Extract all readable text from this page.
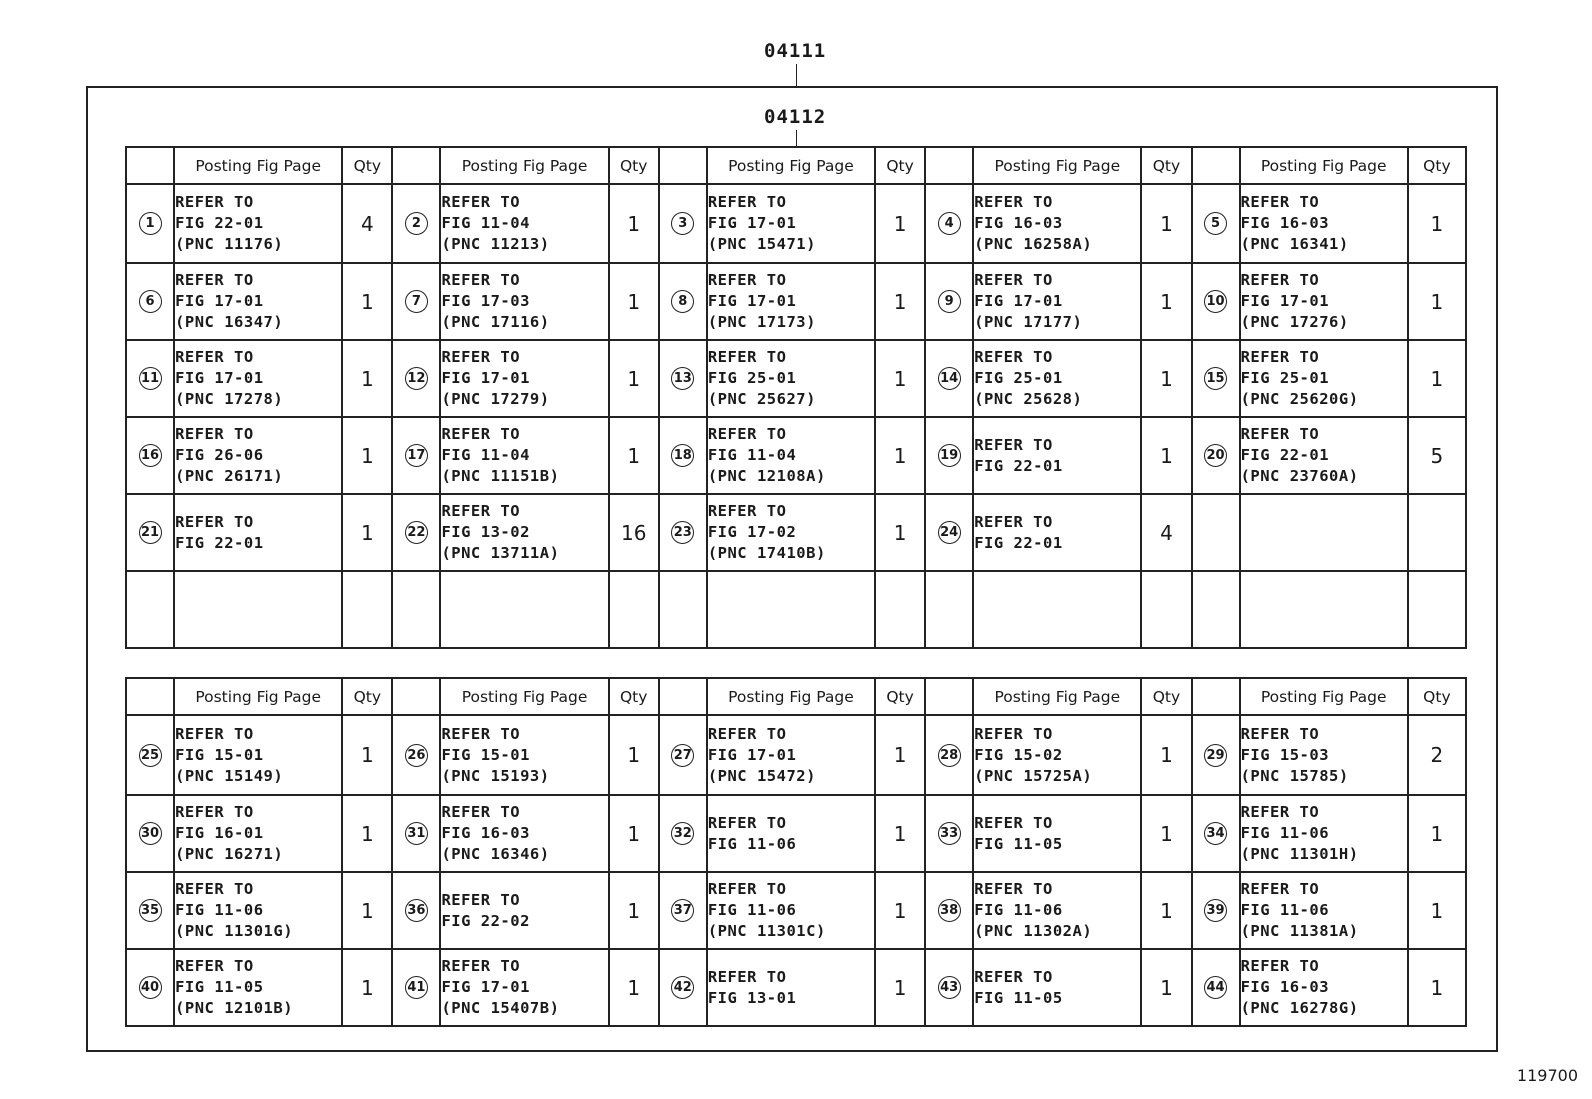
04111
04112
	Posting Fig Page	Qty		Posting Fig Page	Qty		Posting Fig Page	Qty		Posting Fig Page	Qty		Posting Fig Page	Qty
1	REFER TO
FIG 22-01
(PNC 11176)	4	2	REFER TO
FIG 11-04
(PNC 11213)	1	3	REFER TO
FIG 17-01
(PNC 15471)	1	4	REFER TO
FIG 16-03
(PNC 16258A)	1	5	REFER TO
FIG 16-03
(PNC 16341)	1
6	REFER TO
FIG 17-01
(PNC 16347)	1	7	REFER TO
FIG 17-03
(PNC 17116)	1	8	REFER TO
FIG 17-01
(PNC 17173)	1	9	REFER TO
FIG 17-01
(PNC 17177)	1	10	REFER TO
FIG 17-01
(PNC 17276)	1
11	REFER TO
FIG 17-01
(PNC 17278)	1	12	REFER TO
FIG 17-01
(PNC 17279)	1	13	REFER TO
FIG 25-01
(PNC 25627)	1	14	REFER TO
FIG 25-01
(PNC 25628)	1	15	REFER TO
FIG 25-01
(PNC 25620G)	1
16	REFER TO
FIG 26-06
(PNC 26171)	1	17	REFER TO
FIG 11-04
(PNC 11151B)	1	18	REFER TO
FIG 11-04
(PNC 12108A)	1	19	REFER TO
FIG 22-01	1	20	REFER TO
FIG 22-01
(PNC 23760A)	5
21	REFER TO
FIG 22-01	1	22	REFER TO
FIG 13-02
(PNC 13711A)	16	23	REFER TO
FIG 17-02
(PNC 17410B)	1	24	REFER TO
FIG 22-01	4			

	Posting Fig Page	Qty		Posting Fig Page	Qty		Posting Fig Page	Qty		Posting Fig Page	Qty		Posting Fig Page	Qty
25	REFER TO
FIG 15-01
(PNC 15149)	1	26	REFER TO
FIG 15-01
(PNC 15193)	1	27	REFER TO
FIG 17-01
(PNC 15472)	1	28	REFER TO
FIG 15-02
(PNC 15725A)	1	29	REFER TO
FIG 15-03
(PNC 15785)	2
30	REFER TO
FIG 16-01
(PNC 16271)	1	31	REFER TO
FIG 16-03
(PNC 16346)	1	32	REFER TO
FIG 11-06	1	33	REFER TO
FIG 11-05	1	34	REFER TO
FIG 11-06
(PNC 11301H)	1
35	REFER TO
FIG 11-06
(PNC 11301G)	1	36	REFER TO
FIG 22-02	1	37	REFER TO
FIG 11-06
(PNC 11301C)	1	38	REFER TO
FIG 11-06
(PNC 11302A)	1	39	REFER TO
FIG 11-06
(PNC 11381A)	1
40	REFER TO
FIG 11-05
(PNC 12101B)	1	41	REFER TO
FIG 17-01
(PNC 15407B)	1	42	REFER TO
FIG 13-01	1	43	REFER TO
FIG 11-05	1	44	REFER TO
FIG 16-03
(PNC 16278G)	1
119700
